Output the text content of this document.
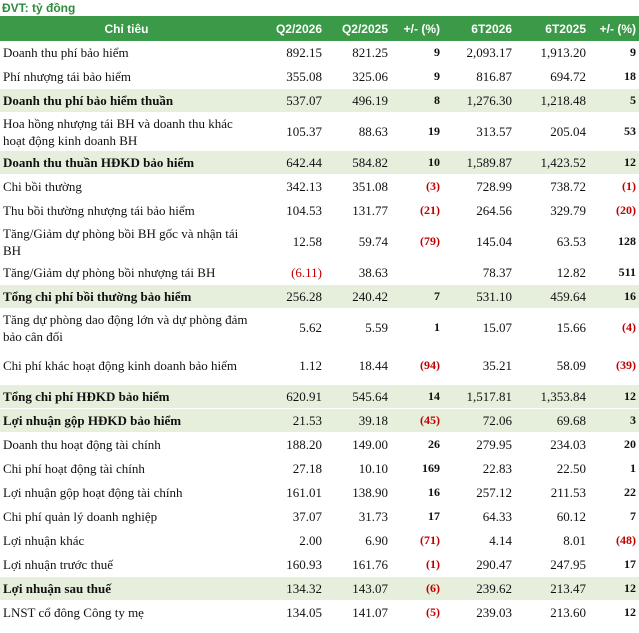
ĐVT: tỷ đồng
Chỉ tiêu	Q2/2026	Q2/2025	+/- (%)	6T2026	6T2025	+/- (%)
Doanh thu phí bảo hiểm	892.15	821.25	9	2,093.17	1,913.20	9
Phí nhượng tái bảo hiểm	355.08	325.06	9	816.87	694.72	18
Doanh thu phí bảo hiểm thuần	537.07	496.19	8	1,276.30	1,218.48	5
Hoa hồng nhượng tái BH và doanh thu khác hoạt động kinh doanh BH	105.37	88.63	19	313.57	205.04	53
Doanh thu thuần HĐKD bảo hiểm	642.44	584.82	10	1,589.87	1,423.52	12
Chi bồi thường	342.13	351.08	(3)	728.99	738.72	(1)
Thu bồi thường nhượng tái bảo hiểm	104.53	131.77	(21)	264.56	329.79	(20)
Tăng/Giảm dự phòng bồi BH gốc và nhận tái BH	12.58	59.74	(79)	145.04	63.53	128
Tăng/Giảm dự phòng bồi nhượng tái BH	(6.11)	38.63		78.37	12.82	511
Tổng chi phí bồi thường bảo hiểm	256.28	240.42	7	531.10	459.64	16
Tăng dự phòng dao động lớn và dự phòng đảm bảo cân đối	5.62	5.59	1	15.07	15.66	(4)
Chi phí khác hoạt động kinh doanh bảo hiểm	1.12	18.44	(94)	35.21	58.09	(39)
Tổng chi phí HĐKD bảo hiểm	620.91	545.64	14	1,517.81	1,353.84	12
Lợi nhuận gộp HĐKD bảo hiểm	21.53	39.18	(45)	72.06	69.68	3
Doanh thu hoạt động tài chính	188.20	149.00	26	279.95	234.03	20
Chi phí hoạt động tài chính	27.18	10.10	169	22.83	22.50	1
Lợi nhuận gộp hoạt động tài chính	161.01	138.90	16	257.12	211.53	22
Chi phí quản lý doanh nghiệp	37.07	31.73	17	64.33	60.12	7
Lợi nhuận khác	2.00	6.90	(71)	4.14	8.01	(48)
Lợi nhuận trước thuế	160.93	161.76	(1)	290.47	247.95	17
Lợi nhuận sau thuế	134.32	143.07	(6)	239.62	213.47	12
LNST cổ đông Công ty mẹ	134.05	141.07	(5)	239.03	213.60	12
